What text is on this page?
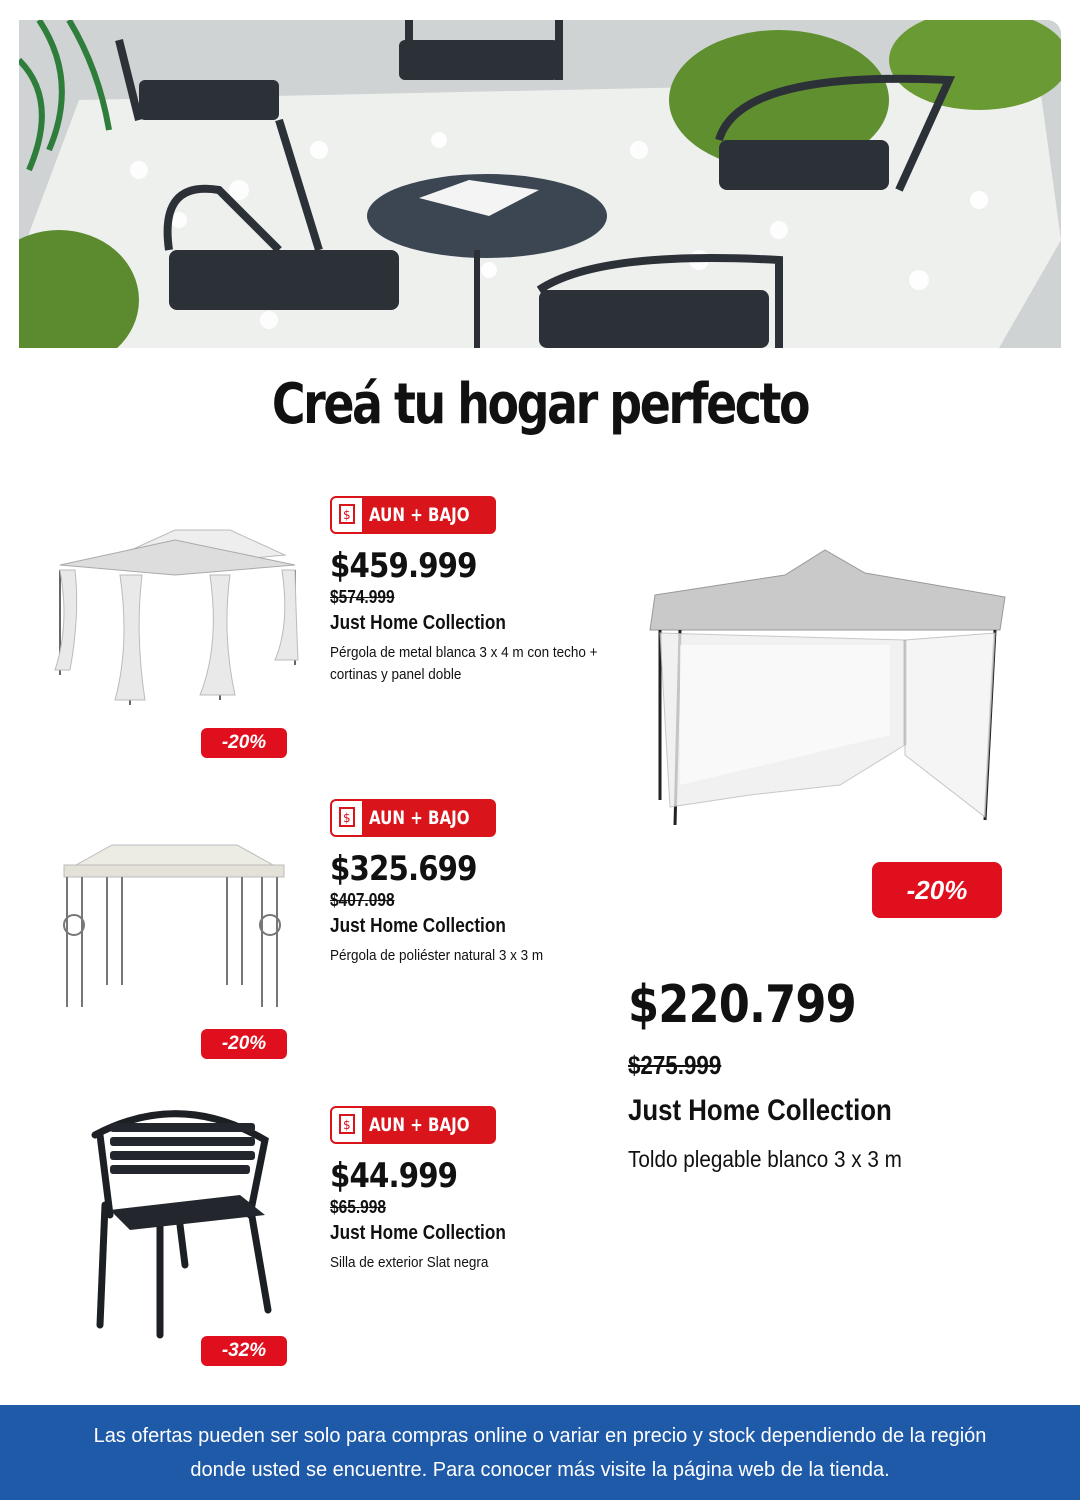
Creá tu hogar perfecto
$ AUN + BAJO
$459.999
$574.999
Just Home Collection
Pérgola de metal blanca 3 x 4 m con techo + cortinas y panel doble
-20%
$ AUN + BAJO
$325.699
$407.098
Just Home Collection
Pérgola de poliéster natural 3 x 3 m
-20%
$ AUN + BAJO
$44.999
$65.998
Just Home Collection
Silla de exterior Slat negra
-32%
-20%
$220.799
$275.999
Just Home Collection
Toldo plegable blanco 3 x 3 m
Las ofertas pueden ser solo para compras online o variar en precio y stock dependiendo de la región donde usted se encuentre. Para conocer más visite la página web de la tienda.
